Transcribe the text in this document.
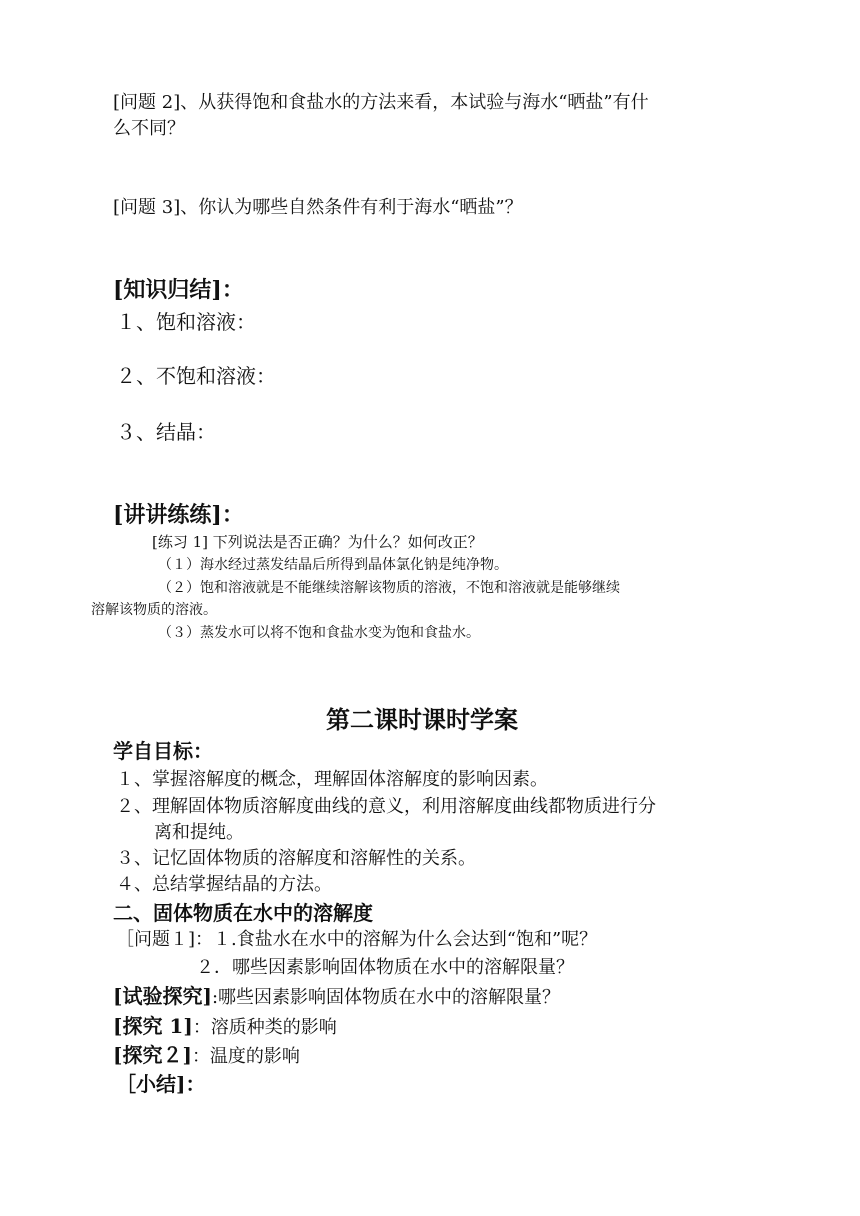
[问题 2]、从获得饱和食盐水的方法来看，本试验与海水“晒盐”有什
么不同？
[问题 3]、你认为哪些自然条件有利于海水“晒盐”？
[知识归结]：
１、饱和溶液：
２、不饱和溶液：
３、结晶：
[讲讲练练]：
[练习 1] 下列说法是否正确？为什么？如何改正？
（１）海水经过蒸发结晶后所得到晶体氯化钠是纯净物。
（２）饱和溶液就是不能继续溶解该物质的溶液，不饱和溶液就是能够继续
溶解该物质的溶液。
（３）蒸发水可以将不饱和食盐水变为饱和食盐水。
第二课时课时学案
学自目标：
１、掌握溶解度的概念，理解固体溶解度的影响因素。
２、理解固体物质溶解度曲线的意义，利用溶解度曲线都物质进行分
离和提纯。
３、记忆固体物质的溶解度和溶解性的关系。
４、总结掌握结晶的方法。
二、固体物质在水中的溶解度
［问题１]：１.食盐水在水中的溶解为什么会达到“饱和”呢？
２．哪些因素影响固体物质在水中的溶解限量？
[试验探究]:哪些因素影响固体物质在水中的溶解限量？
[探究 1]：溶质种类的影响
[探究２]：温度的影响
［小结]：
